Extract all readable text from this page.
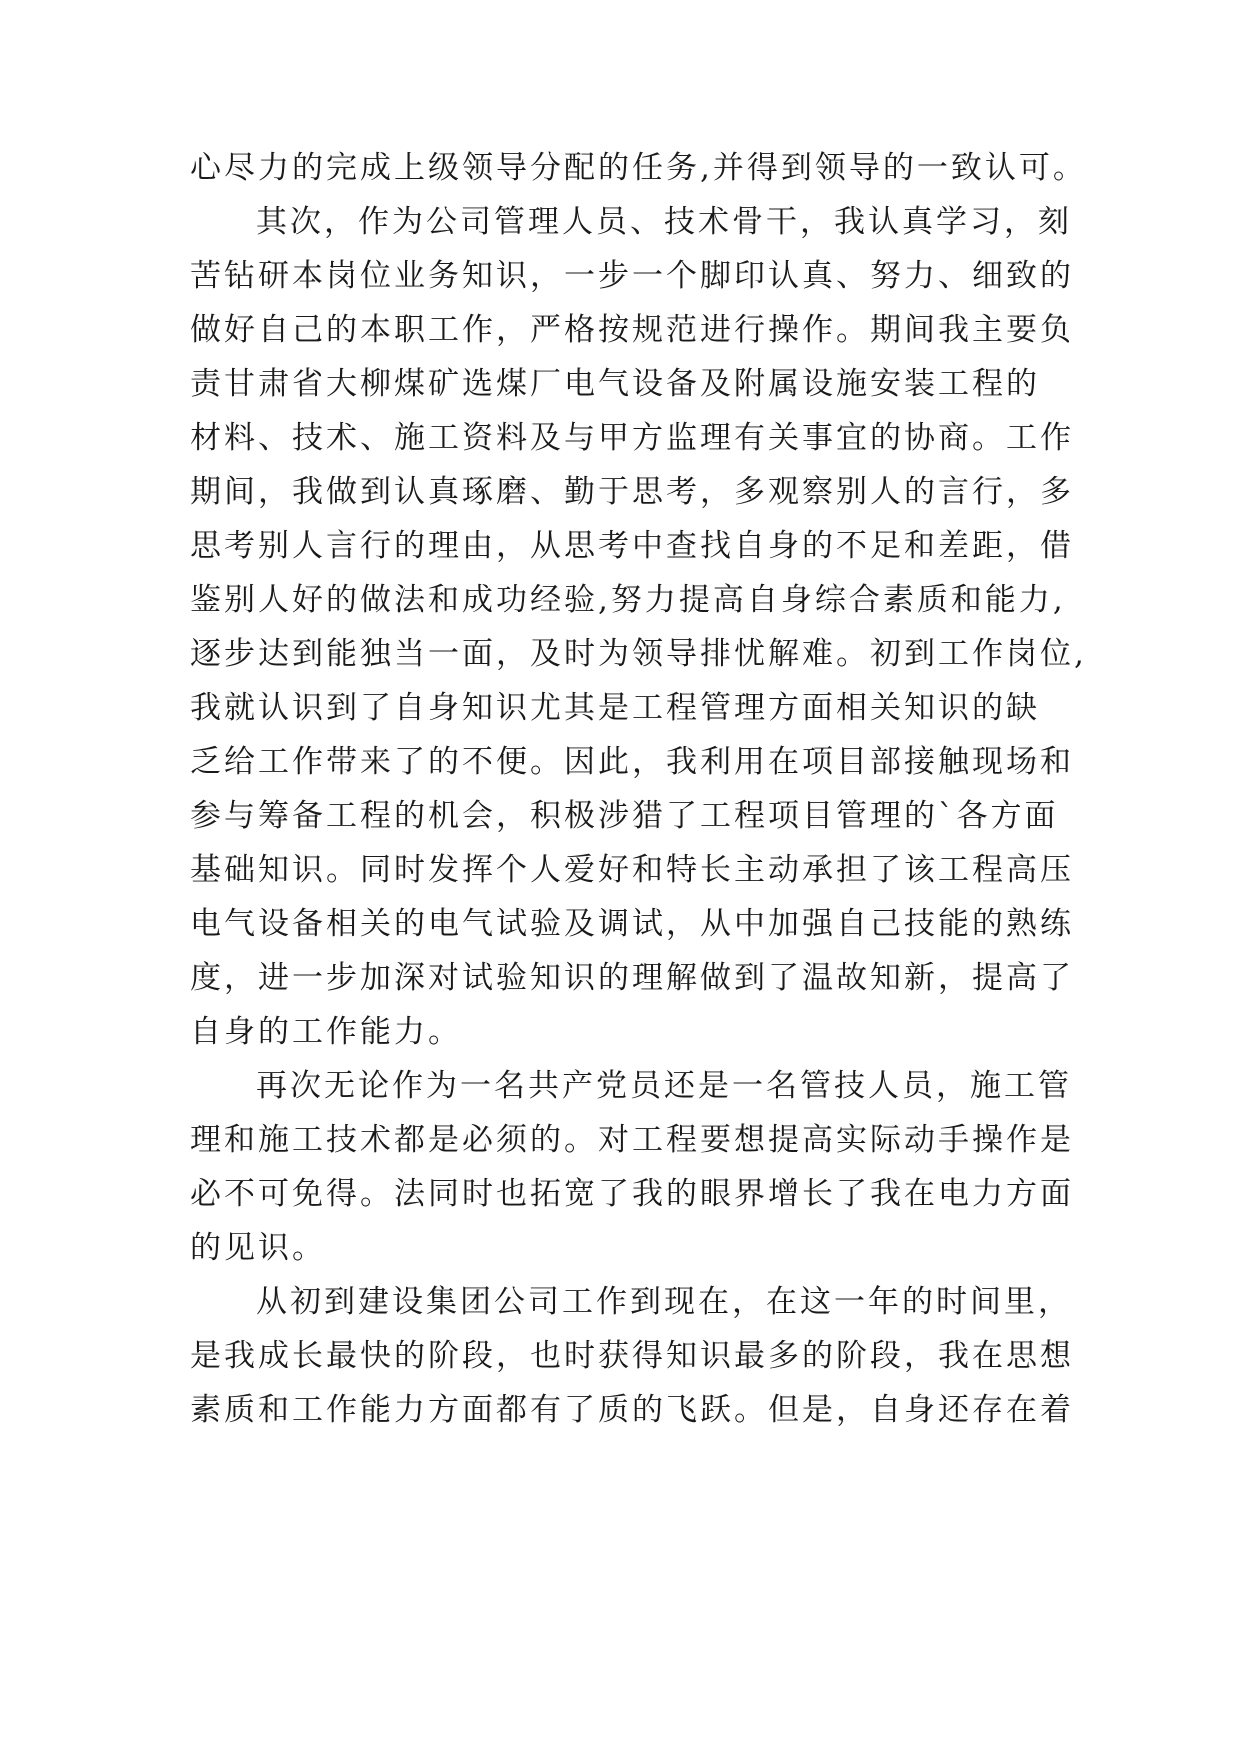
心尽力的完成上级领导分配的任务,并得到领导的一致认可。
其次，作为公司管理人员、技术骨干，我认真学习，刻
苦钻研本岗位业务知识，一步一个脚印认真、努力、细致的
做好自己的本职工作，严格按规范进行操作。期间我主要负
责甘肃省大柳煤矿选煤厂电气设备及附属设施安装工程的
材料、技术、施工资料及与甲方监理有关事宜的协商。工作
期间，我做到认真琢磨、勤于思考，多观察别人的言行，多
思考别人言行的理由，从思考中查找自身的不足和差距，借
鉴别人好的做法和成功经验,努力提高自身综合素质和能力,
逐步达到能独当一面，及时为领导排忧解难。初到工作岗位,
我就认识到了自身知识尤其是工程管理方面相关知识的缺
乏给工作带来了的不便。因此，我利用在项目部接触现场和
参与筹备工程的机会，积极涉猎了工程项目管理的`各方面
基础知识。同时发挥个人爱好和特长主动承担了该工程高压
电气设备相关的电气试验及调试，从中加强自己技能的熟练
度，进一步加深对试验知识的理解做到了温故知新，提高了
自身的工作能力。
再次无论作为一名共产党员还是一名管技人员，施工管
理和施工技术都是必须的。对工程要想提高实际动手操作是
必不可免得。法同时也拓宽了我的眼界增长了我在电力方面
的见识。
从初到建设集团公司工作到现在，在这一年的时间里，
是我成长最快的阶段，也时获得知识最多的阶段，我在思想
素质和工作能力方面都有了质的飞跃。但是，自身还存在着
